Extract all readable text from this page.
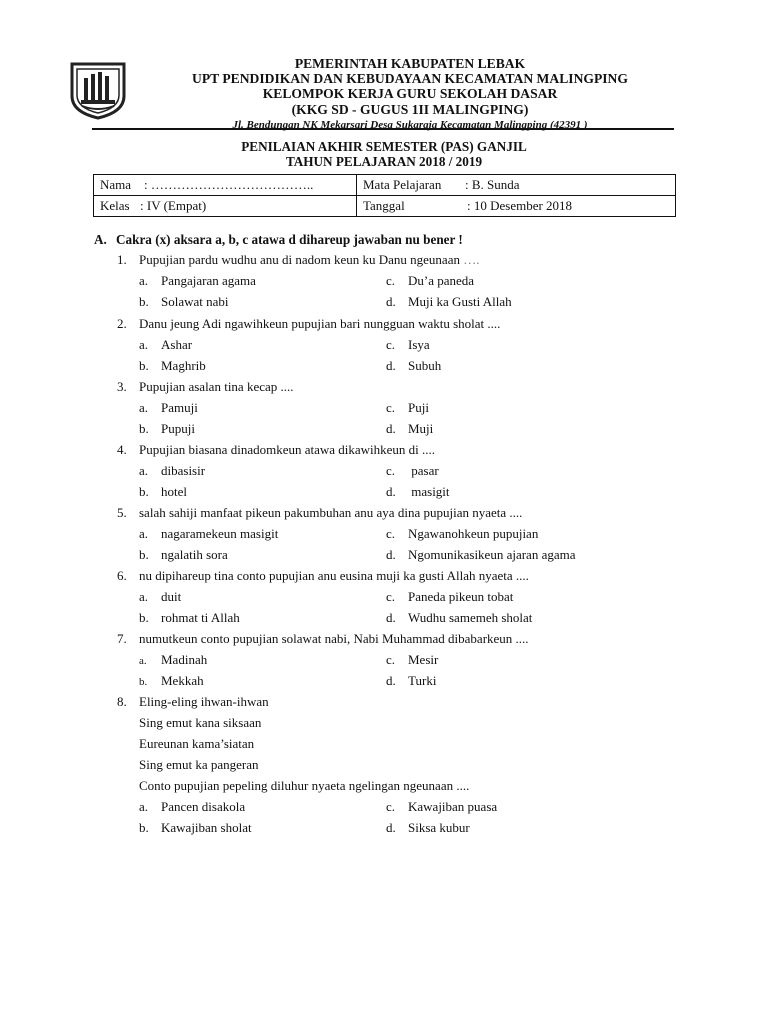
PEMERINTAH KABUPATEN LEBAK
UPT PENDIDIKAN DAN KEBUDAYAAN KECAMATAN MALINGPING
KELOMPOK KERJA GURU SEKOLAH DASAR
(KKG SD - GUGUS 1II MALINGPING)
Jl. Bendungan NK Mekarsari Desa Sukaraja Kecamatan Malingping (42391 )
PENILAIAN AKHIR SEMESTER (PAS) GANJIL
TAHUN PELAJARAN 2018 / 2019
Nama : ………………………………..	Mata Pelajaran : B. Sunda
Kelas : IV (Empat)	Tanggal : 10 Desember 2018
A. Cakra (x) aksara a, b, c atawa d dihareup jawaban nu bener !
1. Pupujian pardu wudhu anu di nadom keun ku Danu ngeunaan ….
a. Pangajaran agama	c. Du’a paneda
b. Solawat nabi	d. Muji ka Gusti Allah
2. Danu jeung Adi ngawihkeun pupujian bari nungguan waktu sholat ....
a. Ashar	c. Isya
b. Maghrib	d. Subuh
3. Pupujian asalan tina kecap ....
a. Pamuji	c. Puji
b. Pupuji	d. Muji
4. Pupujian biasana dinadomkeun atawa dikawihkeun di ....
a. dibasisir	c. pasar
b. hotel	d. masigit
5. salah sahiji manfaat pikeun pakumbuhan anu aya dina pupujian nyaeta ....
a. nagaramekeun masigit	c. Ngawanohkeun pupujian
b. ngalatih sora	d. Ngomunikasikeun ajaran agama
6. nu dipihareup tina conto pupujian anu eusina muji ka gusti Allah nyaeta ....
a. duit	c. Paneda pikeun tobat
b. rohmat ti Allah	d. Wudhu samemeh sholat
7. numutkeun conto pupujian solawat nabi, Nabi Muhammad dibabarkeun ....
a. Madinah	c. Mesir
b. Mekkah	d. Turki
8. Eling-eling ihwan-ihwan
Sing emut kana siksaan
Eureunan kama’siatan
Sing emut ka pangeran
Conto pupujian pepeling diluhur nyaeta ngelingan ngeunaan ....
a. Pancen disakola	c. Kawajiban puasa
b. Kawajiban sholat	d. Siksa kubur
